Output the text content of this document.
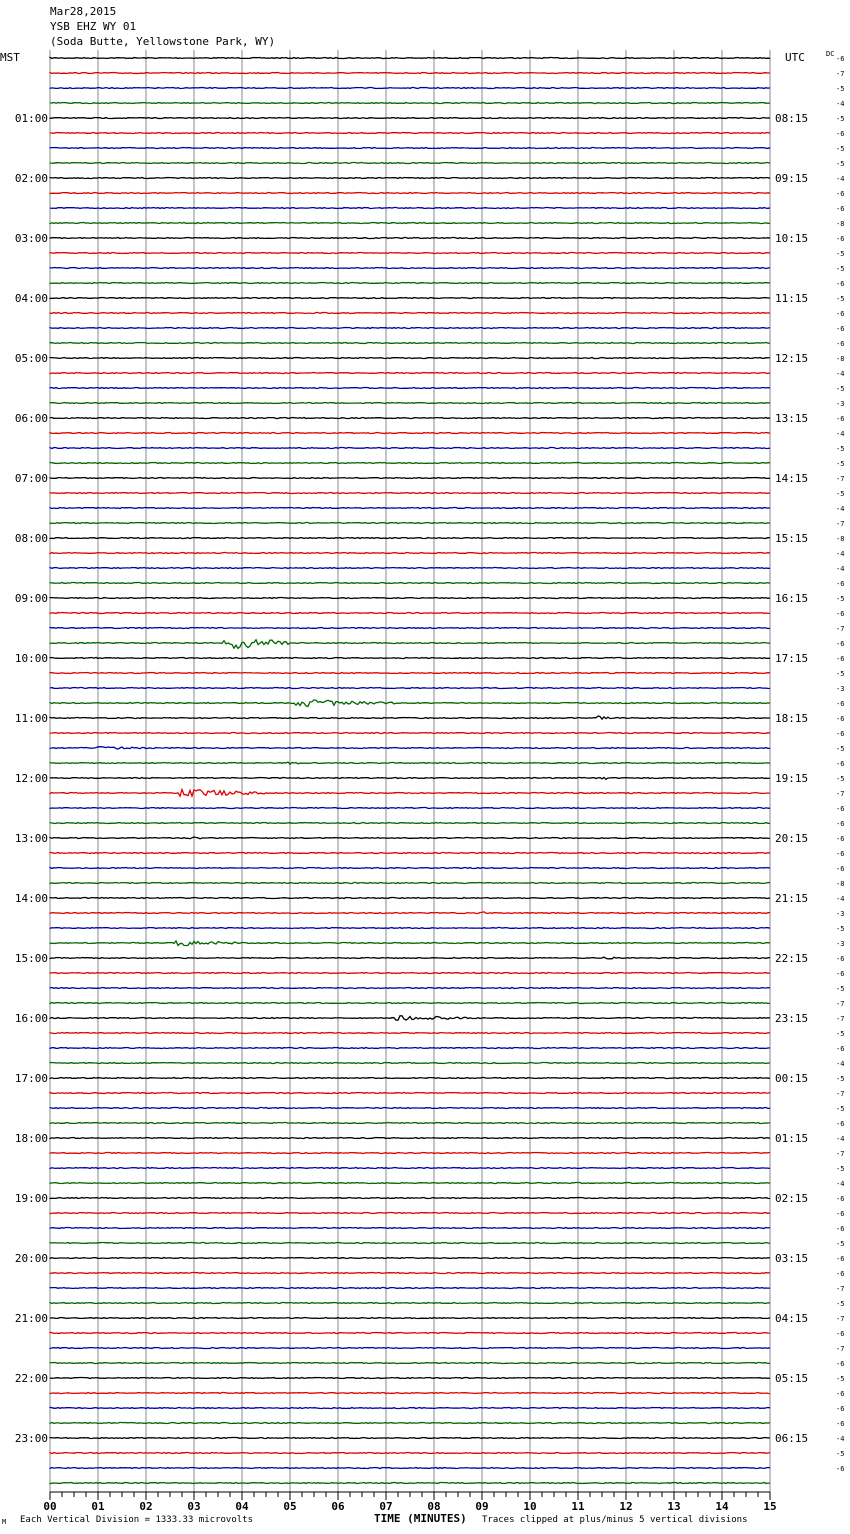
Mar28,2015
YSB EHZ WY 01
(Soda Butte, Yellowstone Park, WY)
MST	UTC
01:00
02:00
03:00
04:00
05:00
06:00
07:00
08:00
09:00
10:00
11:00
12:00
13:00
14:00
15:00
16:00
17:00
18:00
19:00
20:00
21:00
22:00
23:00
08:15
09:15
10:15
11:15
12:15
13:15
14:15
15:15
16:15
17:15
18:15
19:15
20:15
21:15
22:15
23:15
00:15
01:15
02:15
03:15
04:15
05:15
06:15
-6
-7
-5
-4
-5
-6
-5
-5
-4
-6
-6
-8
-6
-5
-5
-6
-5
-6
-6
-6
-8
-4
-5
-3
-6
-4
-5
-5
-7
-5
-4
-7
-8
-4
-4
-6
-5
-6
-7
-6
-6
-5
-3
-6
-6
-6
-5
-6
-5
-7
-6
-6
-6
-6
-6
-8
-4
-3
-5
-3
-6
-6
-5
-7
-7
-5
-6
-4
-5
-7
-5
-6
-4
-7
-5
-4
-6
-6
-6
-5
-6
-6
-7
-5
-7
-6
-7
-6
-5
-6
-6
-6
-4
-5
-6
DC
00	01	02	03	04	05	06	07	08	09	10	11	12	13	14	15
M Each Vertical Division = 1333.33 microvolts	TIME (MINUTES) Traces clipped at plus/minus 5 vertical divisions
